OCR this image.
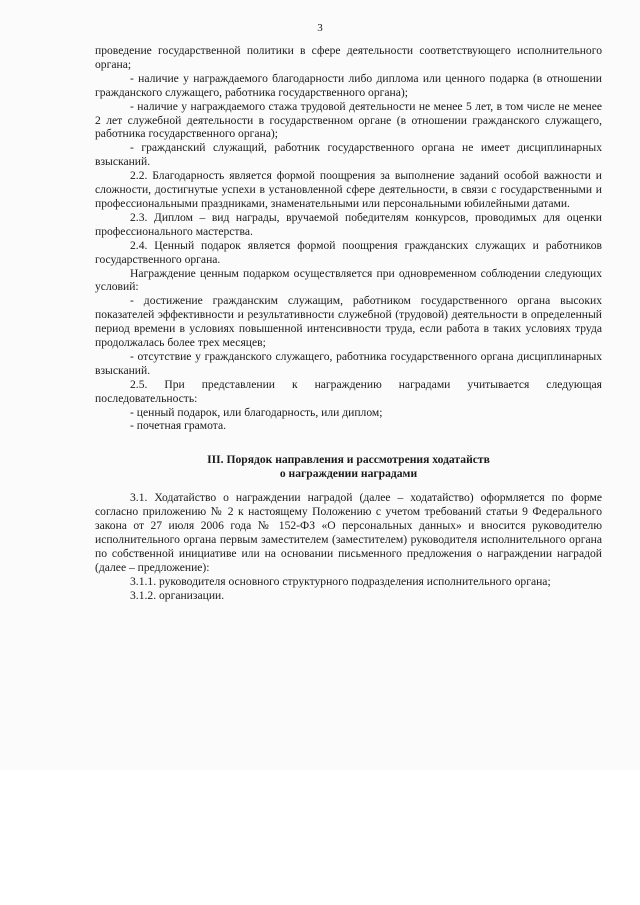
3

проведение государственной политики в сфере деятельности соответствующего исполнительного органа;

- наличие у награждаемого благодарности либо диплома или ценного подарка (в отношении гражданского служащего, работника государственного органа);

- наличие у награждаемого стажа трудовой деятельности не менее 5 лет, в том числе не менее 2 лет служебной деятельности в государственном органе (в отношении гражданского служащего, работника государственного органа);

- гражданский служащий, работник государственного органа не имеет дисциплинарных взысканий.

2.2. Благодарность является формой поощрения за выполнение заданий особой важности и сложности, достигнутые успехи в установленной сфере деятельности, в связи с государственными и профессиональными праздниками, знаменательными или персональными юбилейными датами.

2.3. Диплом – вид награды, вручаемой победителям конкурсов, проводимых для оценки профессионального мастерства.

2.4. Ценный подарок является формой поощрения гражданских служащих и работников государственного органа.

Награждение ценным подарком осуществляется при одновременном соблюдении следующих условий:

- достижение гражданским служащим, работником государственного органа высоких показателей эффективности и результативности служебной (трудовой) деятельности в определенный период времени в условиях повышенной интенсивности труда, если работа в таких условиях труда продолжалась более трех месяцев;

- отсутствие у гражданского служащего, работника государственного органа дисциплинарных взысканий.

2.5. При представлении к награждению наградами учитывается следующая последовательность:

- ценный подарок, или благодарность, или диплом;

- почетная грамота.

III. Порядок направления и рассмотрения ходатайств
о награждении наградами

3.1. Ходатайство о награждении наградой (далее – ходатайство) оформляется по форме согласно приложению № 2 к настоящему Положению с учетом требований статьи 9 Федерального закона от 27 июля 2006 года № 152-ФЗ «О персональных данных» и вносится руководителю исполнительного органа первым заместителем (заместителем) руководителя исполнительного органа по собственной инициативе или на основании письменного предложения о награждении наградой (далее – предложение):

3.1.1. руководителя основного структурного подразделения исполнительного органа;

3.1.2. организации.
